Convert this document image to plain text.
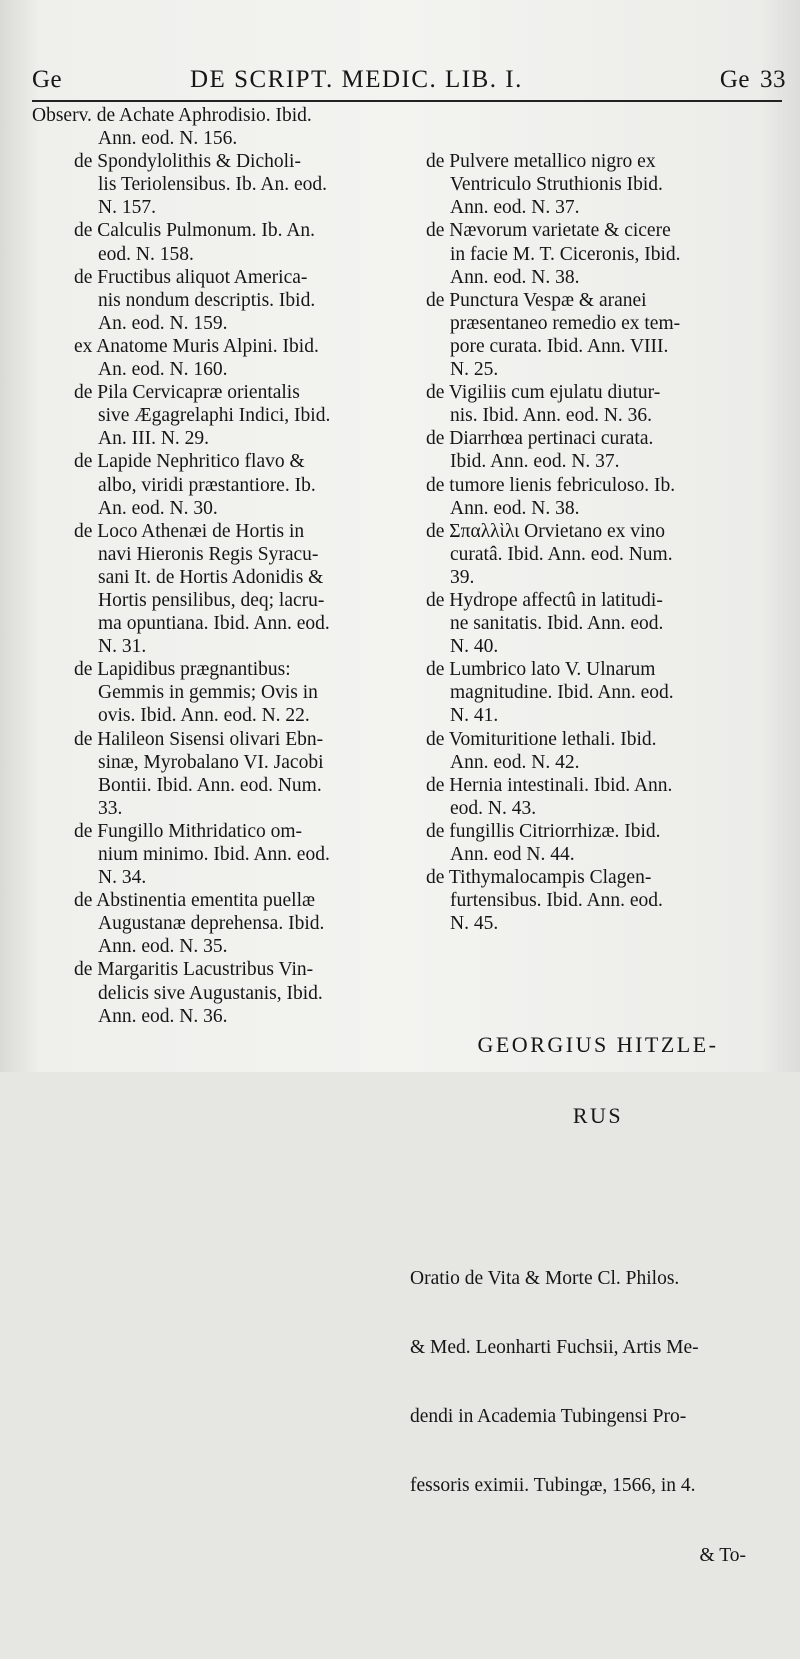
Ge	DE SCRIPT. MEDIC. LIB. I.	Ge 33
Observ. de Achate Aphrodisio. Ibid.
Ann. eod. N. 156.
de Spondylolithis & Dicholi-
lis Teriolensibus. Ib. An. eod.
N. 157.
de Calculis Pulmonum. Ib. An.
eod. N. 158.
de Fructibus aliquot America-
nis nondum descriptis. Ibid.
An. eod. N. 159.
ex Anatome Muris Alpini. Ibid.
An. eod. N. 160.
de Pila Cervicapræ orientalis
sive Ægagrelaphi Indici, Ibid.
An. III. N. 29.
de Lapide Nephritico flavo &
albo, viridi præstantiore. Ib.
An. eod. N. 30.
de Loco Athenæi de Hortis in
navi Hieronis Regis Syracu-
sani It. de Hortis Adonidis &
Hortis pensilibus, deq; lacru-
ma opuntiana. Ibid. Ann. eod.
N. 31.
de Lapidibus prægnantibus:
Gemmis in gemmis; Ovis in
ovis. Ibid. Ann. eod. N. 22.
de Halileon Sisensi olivari Ebn-
sinæ, Myrobalano VI. Jacobi
Bontii. Ibid. Ann. eod. Num.
33.
de Fungillo Mithridatico om-
nium minimo. Ibid. Ann. eod.
N. 34.
de Abstinentia ementita puellæ
Augustanæ deprehensa. Ibid.
Ann. eod. N. 35.
de Margaritis Lacustribus Vin-
delicis sive Augustanis, Ibid.
Ann. eod. N. 36.

de Pulvere metallico nigro ex
Ventriculo Struthionis Ibid.
Ann. eod. N. 37.
de Nævorum varietate & cicere
in facie M. T. Ciceronis, Ibid.
Ann. eod. N. 38.
de Punctura Vespæ & aranei
præsentaneo remedio ex tem-
pore curata. Ibid. Ann. VIII.
N. 25.
de Vigiliis cum ejulatu diutur-
nis. Ibid. Ann. eod. N. 36.
de Diarrhœa pertinaci curata.
Ibid. Ann. eod. N. 37.
de tumore lienis febriculoso. Ib.
Ann. eod. N. 38.
de Σπαλλὶλι Orvietano ex vino
curatâ. Ibid. Ann. eod. Num.
39.
de Hydrope affectû in latitudi-
ne sanitatis. Ibid. Ann. eod.
N. 40.
de Lumbrico lato V. Ulnarum
magnitudine. Ibid. Ann. eod.
N. 41.
de Vomituritione lethali. Ibid.
Ann. eod. N. 42.
de Hernia intestinali. Ibid. Ann.
eod. N. 43.
de fungillis Citriorrhizæ. Ibid.
Ann. eod N. 44.
de Tithymalocampis Clagen-
furtensibus. Ibid. Ann. eod.
N. 45.

GEORGIUS HITZLE-

RUS

Oratio de Vita & Morte Cl. Philos.

& Med. Leonharti Fuchsii, Artis Me-

dendi in Academia Tubingensi Pro-

fessoris eximii. Tubingæ, 1566, in 4.

& To-
